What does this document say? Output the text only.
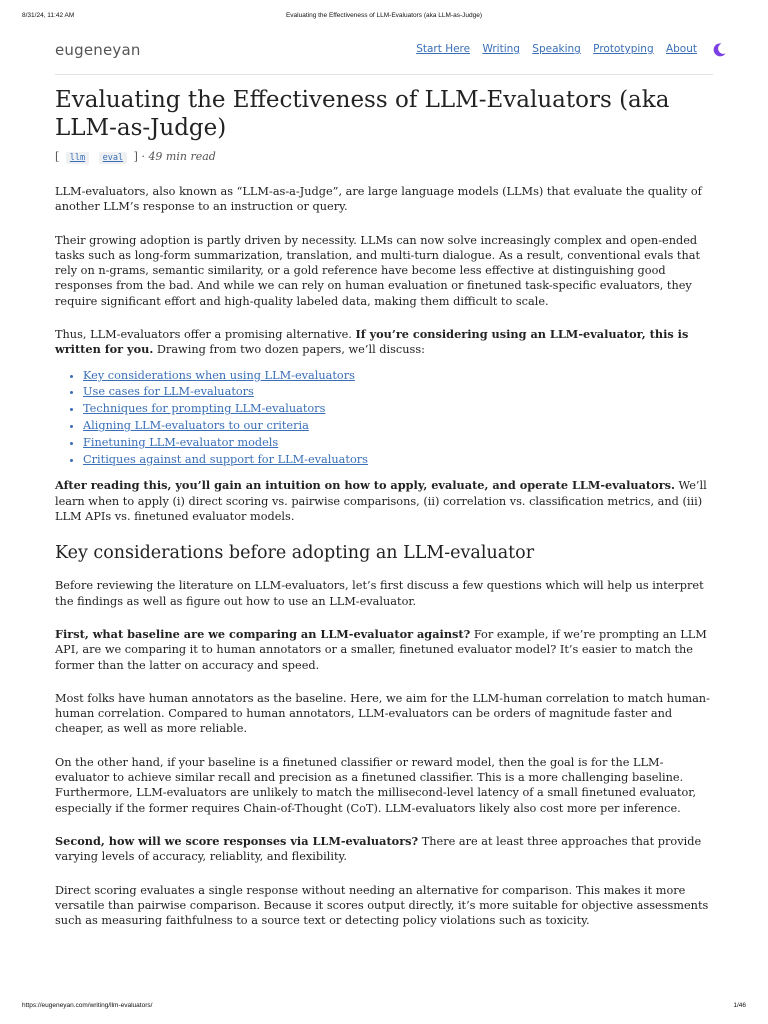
8/31/24, 11:42 AM	Evaluating the Effectiveness of LLM-Evaluators (aka LLM-as-Judge)
eugeneyan	Start Here Writing Speaking Prototyping About
Evaluating the Effectiveness of LLM-Evaluators (aka LLM-as-Judge)
[ llm eval ] · 49 min read

LLM-evaluators, also known as “LLM-as-a-Judge”, are large language models (LLMs) that evaluate the quality of another LLM’s response to an instruction or query.

Their growing adoption is partly driven by necessity. LLMs can now solve increasingly complex and open-ended tasks such as long-form summarization, translation, and multi-turn dialogue. As a result, conventional evals that rely on n-grams, semantic similarity, or a gold reference have become less effective at distinguishing good responses from the bad. And while we can rely on human evaluation or finetuned task-specific evaluators, they require significant effort and high-quality labeled data, making them difficult to scale.

Thus, LLM-evaluators offer a promising alternative. If you’re considering using an LLM-evaluator, this is written for you. Drawing from two dozen papers, we’ll discuss:

• Key considerations when using LLM-evaluators
• Use cases for LLM-evaluators
• Techniques for prompting LLM-evaluators
• Aligning LLM-evaluators to our criteria
• Finetuning LLM-evaluator models
• Critiques against and support for LLM-evaluators

After reading this, you’ll gain an intuition on how to apply, evaluate, and operate LLM-evaluators. We’ll learn when to apply (i) direct scoring vs. pairwise comparisons, (ii) correlation vs. classification metrics, and (iii) LLM APIs vs. finetuned evaluator models.

Key considerations before adopting an LLM-evaluator

Before reviewing the literature on LLM-evaluators, let’s first discuss a few questions which will help us interpret the findings as well as figure out how to use an LLM-evaluator.

First, what baseline are we comparing an LLM-evaluator against? For example, if we’re prompting an LLM API, are we comparing it to human annotators or a smaller, finetuned evaluator model? It’s easier to match the former than the latter on accuracy and speed.

Most folks have human annotators as the baseline. Here, we aim for the LLM-human correlation to match human-human correlation. Compared to human annotators, LLM-evaluators can be orders of magnitude faster and cheaper, as well as more reliable.

On the other hand, if your baseline is a finetuned classifier or reward model, then the goal is for the LLM-evaluator to achieve similar recall and precision as a finetuned classifier. This is a more challenging baseline. Furthermore, LLM-evaluators are unlikely to match the millisecond-level latency of a small finetuned evaluator, especially if the former requires Chain-of-Thought (CoT). LLM-evaluators likely also cost more per inference.

Second, how will we score responses via LLM-evaluators? There are at least three approaches that provide varying levels of accuracy, reliablity, and flexibility.

Direct scoring evaluates a single response without needing an alternative for comparison. This makes it more versatile than pairwise comparison. Because it scores output directly, it’s more suitable for objective assessments such as measuring faithfulness to a source text or detecting policy violations such as toxicity.

https://eugeneyan.com/writing/llm-evaluators/	1/46
